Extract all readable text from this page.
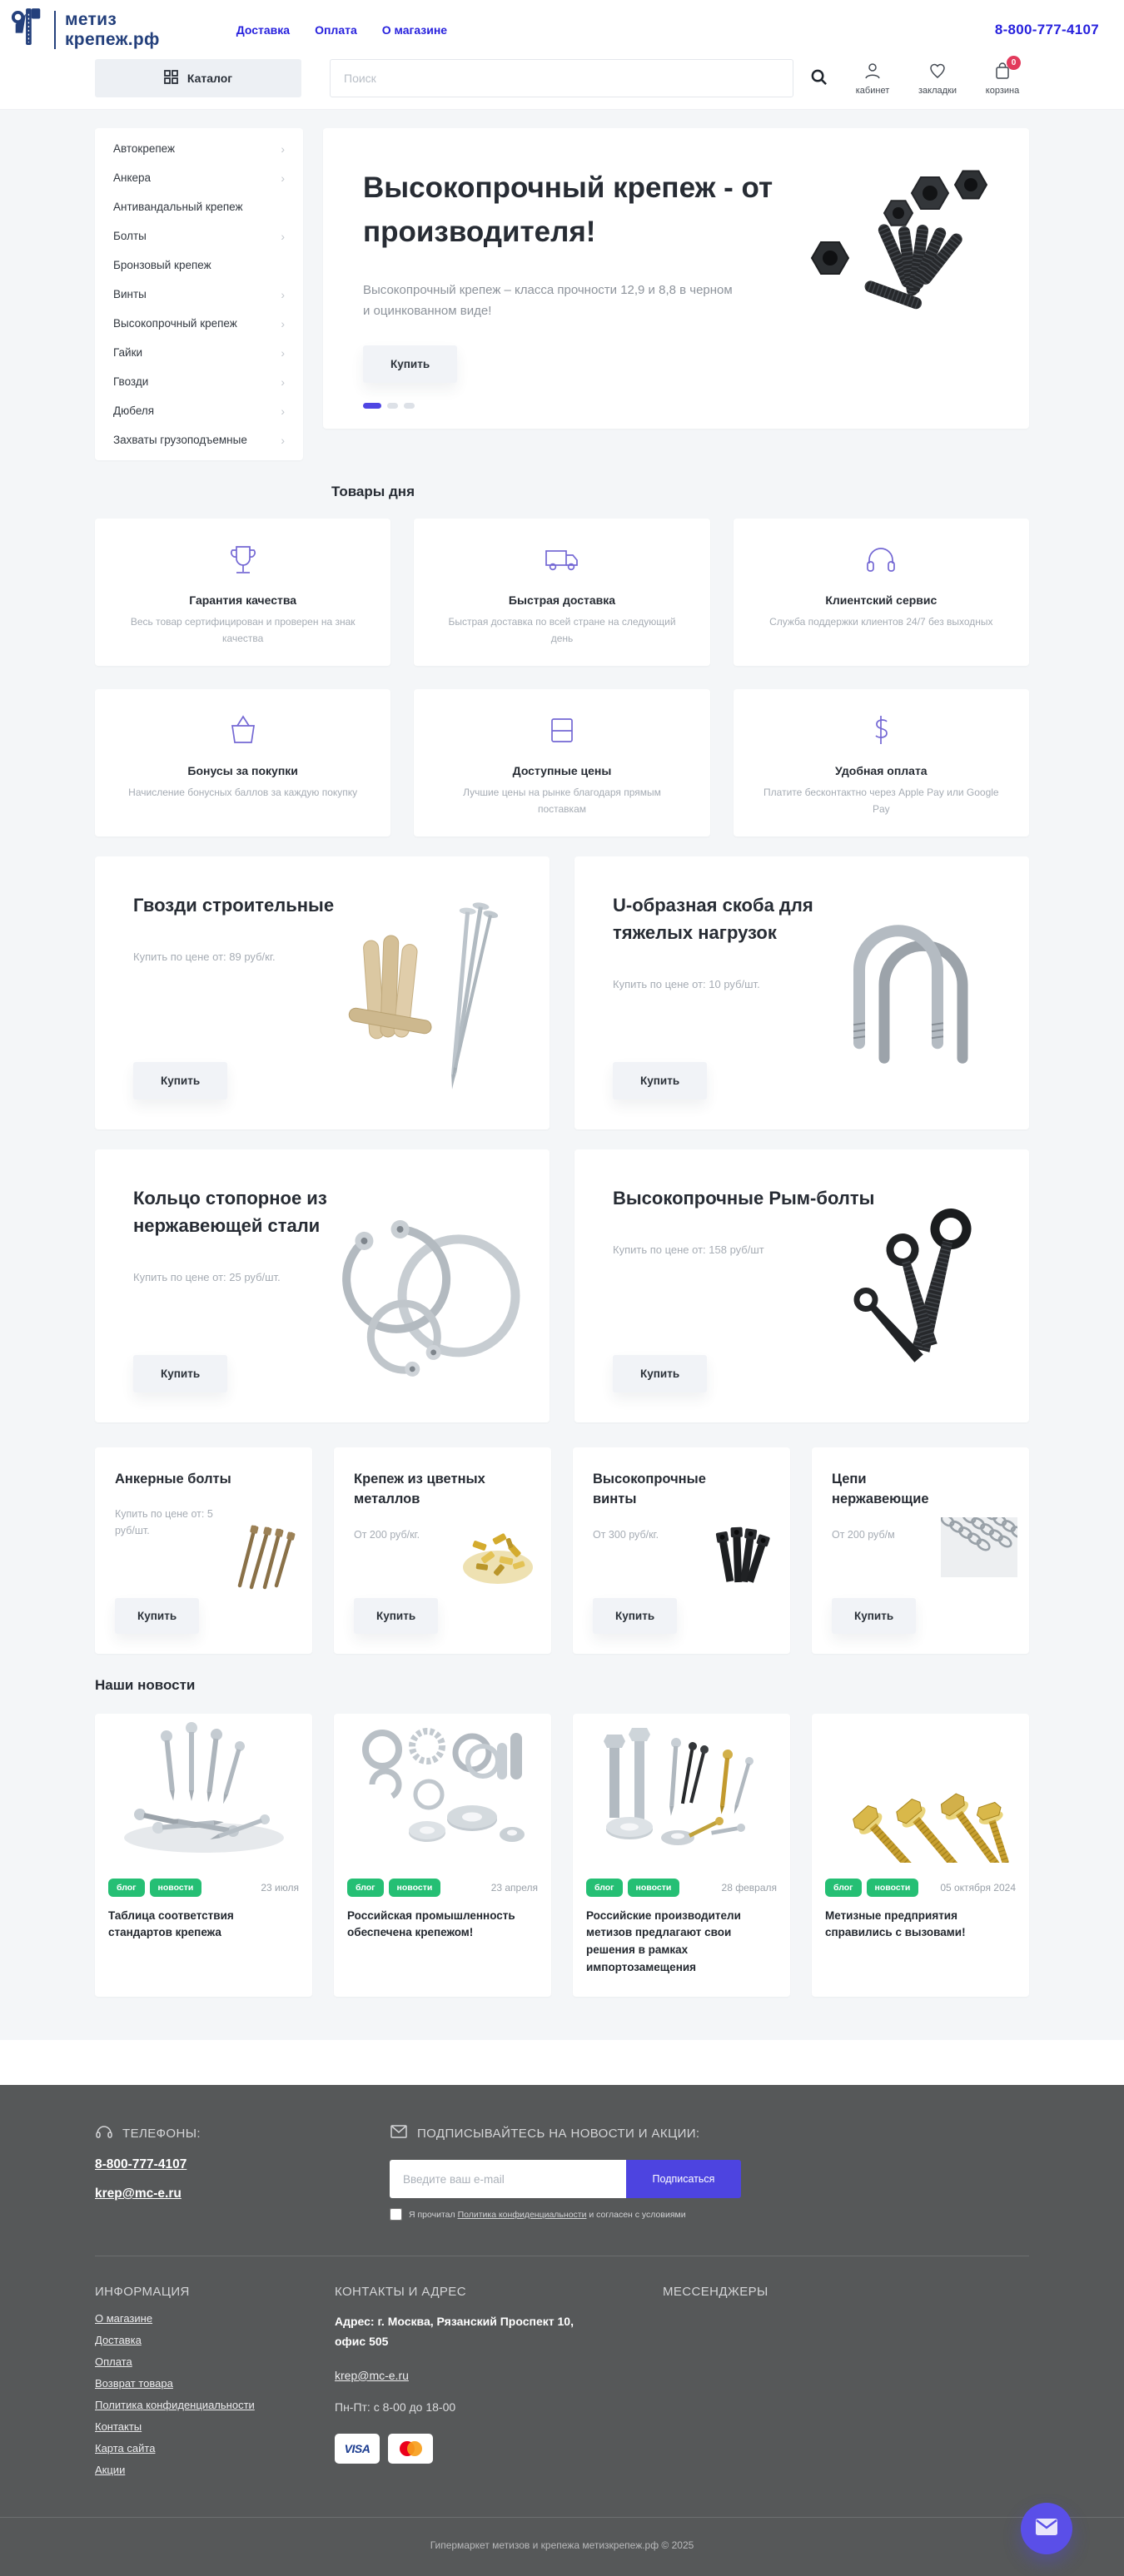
метиз
крепеж.рф	Доставка Оплата О магазине	8-800-777-4107
Каталог
Поиск
кабинет	закладки
0
корзина
Автокрепеж	›
Анкера	›
Антивандальный крепеж
Болты	›
Бронзовый крепеж
Винты	›
Высокопрочный крепеж	›
Гайки	›
Гвозди	›
Дюбеля	›
Захваты грузоподъемные	›
Высокопрочный крепеж - от производителя!

Высокопрочный крепеж – класса прочности 12,9 и 8,8 в черном и оцинкованном виде!

Купить
Товары дня
Гарантия качества

Весь товар сертифицирован и проверен на знак качества

Быстрая доставка

Быстрая доставка по всей стране на следующий день

Клиентский сервис

Служба поддержки клиентов 24/7 без выходных

Бонусы за покупки

Начисление бонусных баллов за каждую покупку

Доступные цены

Лучшие цены на рынке благодаря прямым поставкам

Удобная оплата

Платите бесконтактно через Apple Pay или Google Pay

Гвозди строительные
Купить по цене от: 89 руб/кг.
Купить
U-образная скоба для тяжелых нагрузок
Купить по цене от: 10 руб/шт.
Купить
Кольцо стопорное из нержавеющей стали
Купить по цене от: 25 руб/шт.
Купить
Высокопрочные Рым-болты
Купить по цене от: 158 руб/шт
Купить
Анкерные болты
Купить по цене от: 5 руб/шт.
Купить
Крепеж из цветных металлов
От 200 руб/кг.
Купить
Высокопрочные винты
От 300 руб/кг.
Купить
Цепи нержавеющие
От 200 руб/м
Купить
Наши новости
блог	новости	23 июля
Таблица соответствия стандартов крепежа
блог	новости	23 апреля
Российская промышленность обеспечена крепежом!
блог	новости	28 февраля
Российские производители метизов предлагают свои решения в рамках импортозамещения
блог	новости	05 октября 2024
Метизные предприятия справились с вызовами!
ТЕЛЕФОНЫ:
8-800-777-4107
krep@mc-e.ru
ПОДПИСЫВАЙТЕСЬ НА НОВОСТИ И АКЦИИ:
Введите ваш e-mail
Подписаться
Я прочитал Политика конфиденциальности и согласен с условиями
ИНФОРМАЦИЯ
О магазине
Доставка
Оплата
Возврат товара
Политика конфиденциальности
Контакты
Карта сайта
Акции
КОНТАКТЫ И АДРЕС
Адрес: г. Москва, Рязанский Проспект 10, офис 505
krep@mc-e.ru
Пн-Пт: с 8-00 до 18-00
VISA
МЕССЕНДЖЕРЫ
Гипермаркет метизов и крепежа метизкрепеж.рф © 2025
